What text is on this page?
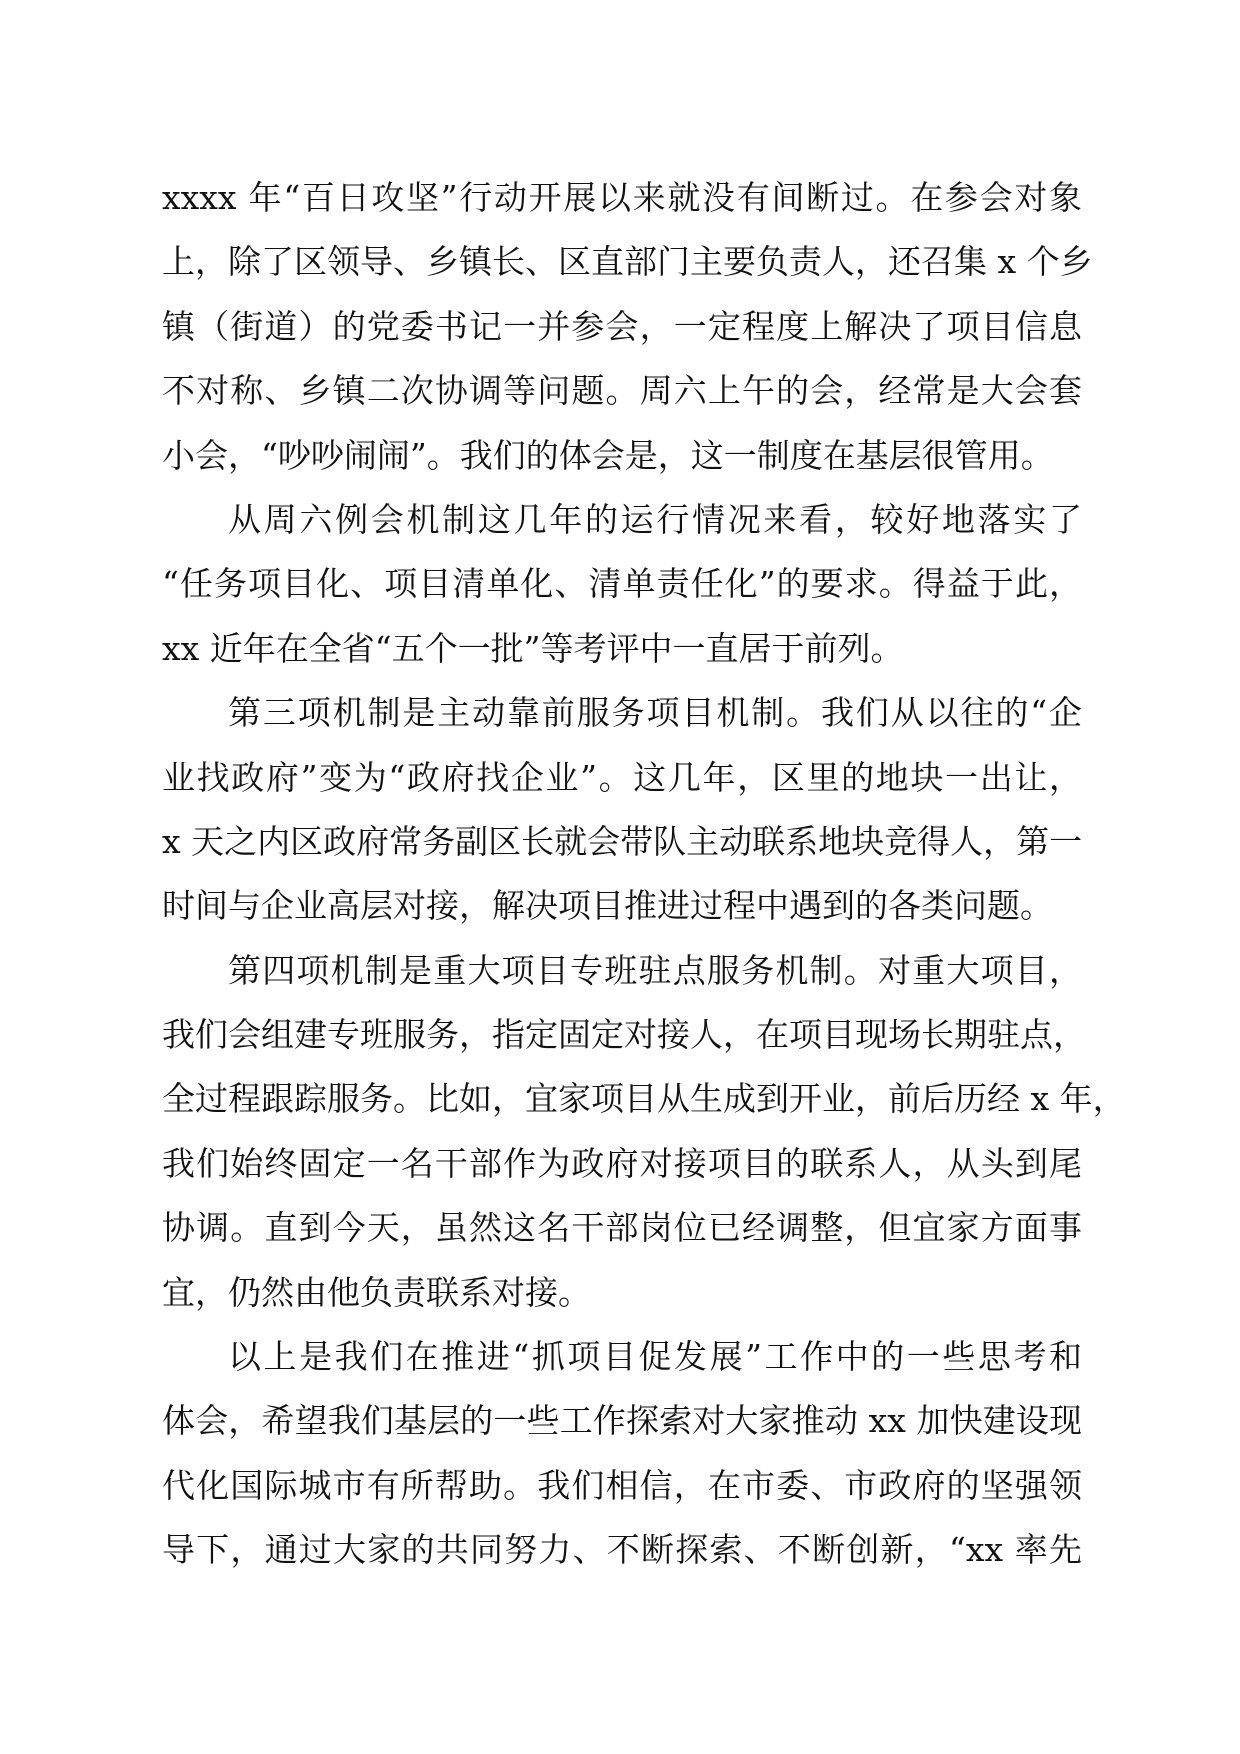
xxxx 年“百日攻坚”行动开展以来就没有间断过。在参会对象
上，除了区领导、乡镇长、区直部门主要负责人，还召集 x 个乡
镇（街道）的党委书记一并参会，一定程度上解决了项目信息
不对称、乡镇二次协调等问题。周六上午的会，经常是大会套
小会，“吵吵闹闹”。我们的体会是，这一制度在基层很管用。
从周六例会机制这几年的运行情况来看，较好地落实了
“任务项目化、项目清单化、清单责任化”的要求。得益于此，
xx 近年在全省“五个一批”等考评中一直居于前列。
第三项机制是主动靠前服务项目机制。我们从以往的“企
业找政府”变为“政府找企业”。这几年，区里的地块一出让，
x 天之内区政府常务副区长就会带队主动联系地块竞得人，第一
时间与企业高层对接，解决项目推进过程中遇到的各类问题。
第四项机制是重大项目专班驻点服务机制。对重大项目，
我们会组建专班服务，指定固定对接人，在项目现场长期驻点，
全过程跟踪服务。比如，宜家项目从生成到开业，前后历经 x 年，
我们始终固定一名干部作为政府对接项目的联系人，从头到尾
协调。直到今天，虽然这名干部岗位已经调整，但宜家方面事
宜，仍然由他负责联系对接。
以上是我们在推进“抓项目促发展”工作中的一些思考和
体会，希望我们基层的一些工作探索对大家推动 xx 加快建设现
代化国际城市有所帮助。我们相信，在市委、市政府的坚强领
导下，通过大家的共同努力、不断探索、不断创新，“xx 率先
